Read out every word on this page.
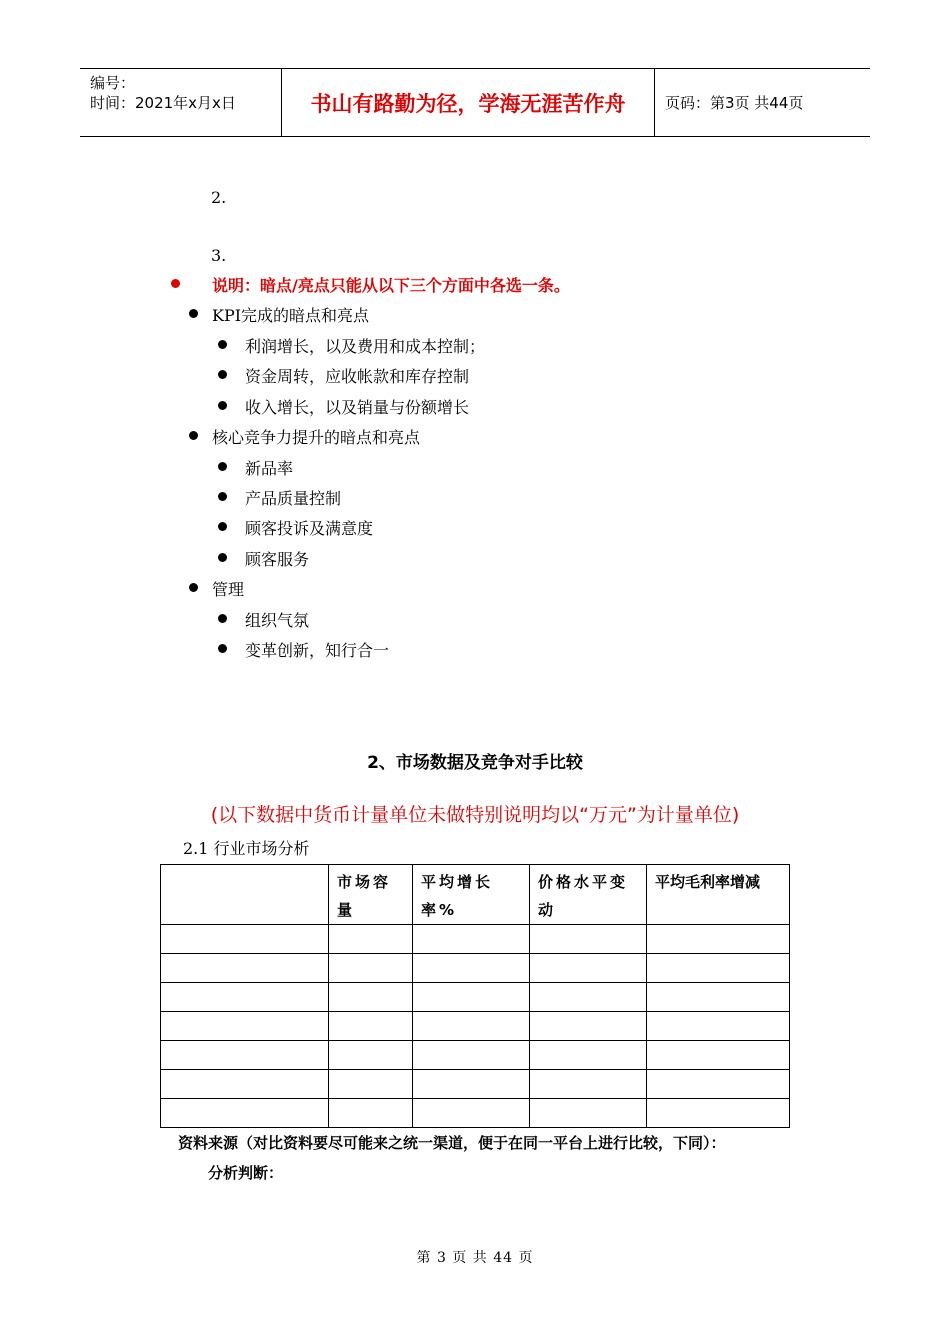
编号：
时间：2021年x月x日	书山有路勤为径，学海无涯苦作舟	页码：第3页 共44页
2.
3.
说明：暗点/亮点只能从以下三个方面中各选一条。
KPI完成的暗点和亮点
利润增长，以及费用和成本控制；
资金周转，应收帐款和库存控制
收入增长，以及销量与份额增长
核心竞争力提升的暗点和亮点
新品率
产品质量控制
顾客投诉及满意度
顾客服务
管理
组织气氛
变革创新，知行合一
2、市场数据及竞争对手比较
(以下数据中货币计量单位未做特别说明均以“万元”为计量单位)
2.1 行业市场分析
	市场容量	平均增长率%	价格水平变动	平均毛利率增减

资料来源（对比资料要尽可能来之统一渠道，便于在同一平台上进行比较，下同）：
分析判断：
第 3 页 共 44 页
